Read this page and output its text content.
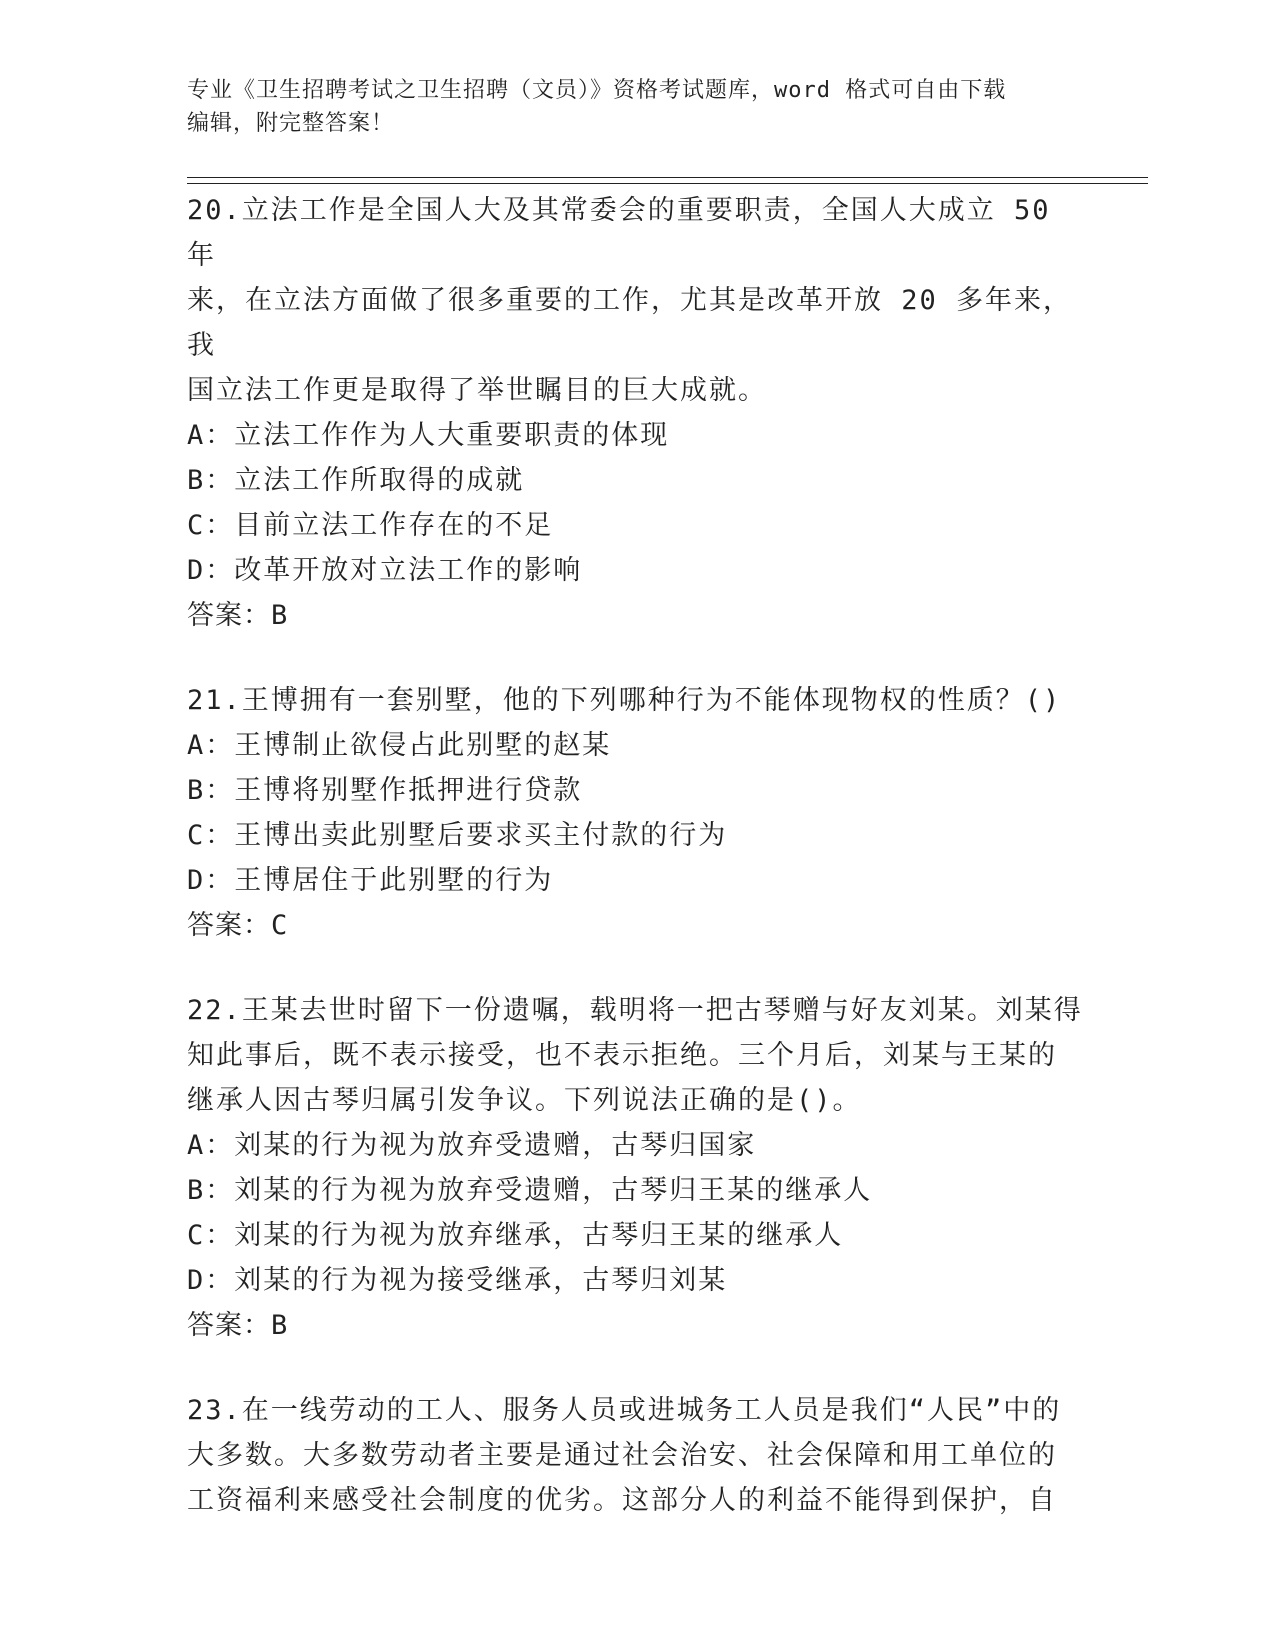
专业《卫生招聘考试之卫生招聘（文员）》资格考试题库，word 格式可自由下载
编辑，附完整答案！

20.立法工作是全国人大及其常委会的重要职责，全国人大成立 50 年

来，在立法方面做了很多重要的工作，尤其是改革开放 20 多年来，我

国立法工作更是取得了举世瞩目的巨大成就。

A：立法工作作为人大重要职责的体现

B：立法工作所取得的成就

C：目前立法工作存在的不足

D：改革开放对立法工作的影响

答案：B

21.王博拥有一套别墅，他的下列哪种行为不能体现物权的性质？()

A：王博制止欲侵占此别墅的赵某

B：王博将别墅作抵押进行贷款

C：王博出卖此别墅后要求买主付款的行为

D：王博居住于此别墅的行为

答案：C

22.王某去世时留下一份遗嘱，载明将一把古琴赠与好友刘某。刘某得

知此事后，既不表示接受，也不表示拒绝。三个月后，刘某与王某的

继承人因古琴归属引发争议。下列说法正确的是()。

A：刘某的行为视为放弃受遗赠，古琴归国家

B：刘某的行为视为放弃受遗赠，古琴归王某的继承人

C：刘某的行为视为放弃继承，古琴归王某的继承人

D：刘某的行为视为接受继承，古琴归刘某

答案：B

23.在一线劳动的工人、服务人员或进城务工人员是我们“人民”中的

大多数。大多数劳动者主要是通过社会治安、社会保障和用工单位的

工资福利来感受社会制度的优劣。这部分人的利益不能得到保护，自
